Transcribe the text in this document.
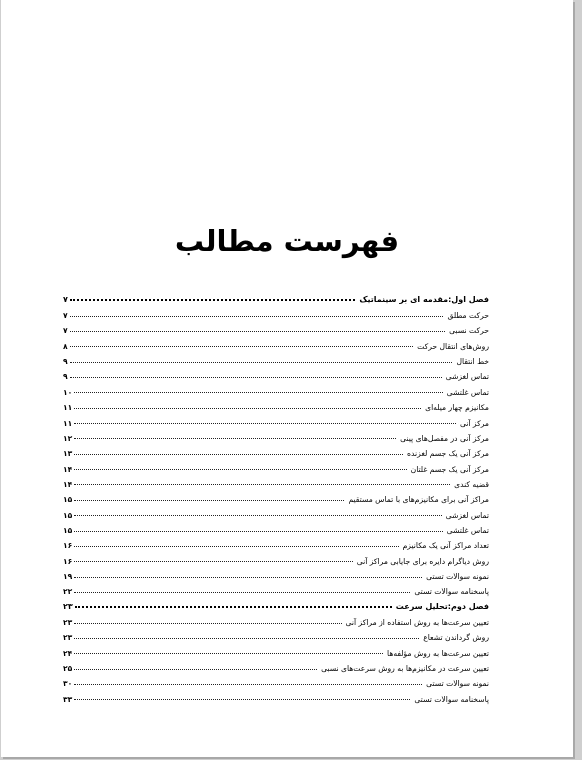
فهرست مطالب
فصل اول:مقدمه ای بر سینماتیک
۷
حرکت مطلق
۷
حرکت نسبی
۷
روش‌های انتقال حرکت
۸
خط انتقال
۹
تماس لغزشی
۹
تماس غلتشی
۱۰
مکانیزم چهار میله‌ای
۱۱
مرکز آنی
۱۱
مرکز آنی در مفصل‌های پینی
۱۲
مرکز آنی یک جسم لغزنده
۱۳
مرکز آنی یک جسم غلتان
۱۴
قضیه کندی
۱۴
مراکز آنی برای مکانیزم‌های با تماس مستقیم
۱۵
تماس لغزشی
۱۵
تماس غلتشی
۱۵
تعداد مراکز آنی یک مکانیزم
۱۶
روش دیاگرام دایره برای جایابی مراکز آنی
۱۶
نمونه سوالات تستی
۱۹
پاسخنامه سوالات تستی
۲۲
فصل دوم:تحلیل سرعت
۲۳
تعیین سرعت‌ها به روش استفاده از مراکز آنی
۲۳
روش گرداندن تشعاع
۲۳
تعیین سرعت‌ها به روش مؤلفه‌ها
۲۴
تعیین سرعت در مکانیزم‌ها به روش سرعت‌های نسبی
۲۵
نمونه سوالات تستی
۳۰
پاسخنامه سوالات تستی
۳۳
